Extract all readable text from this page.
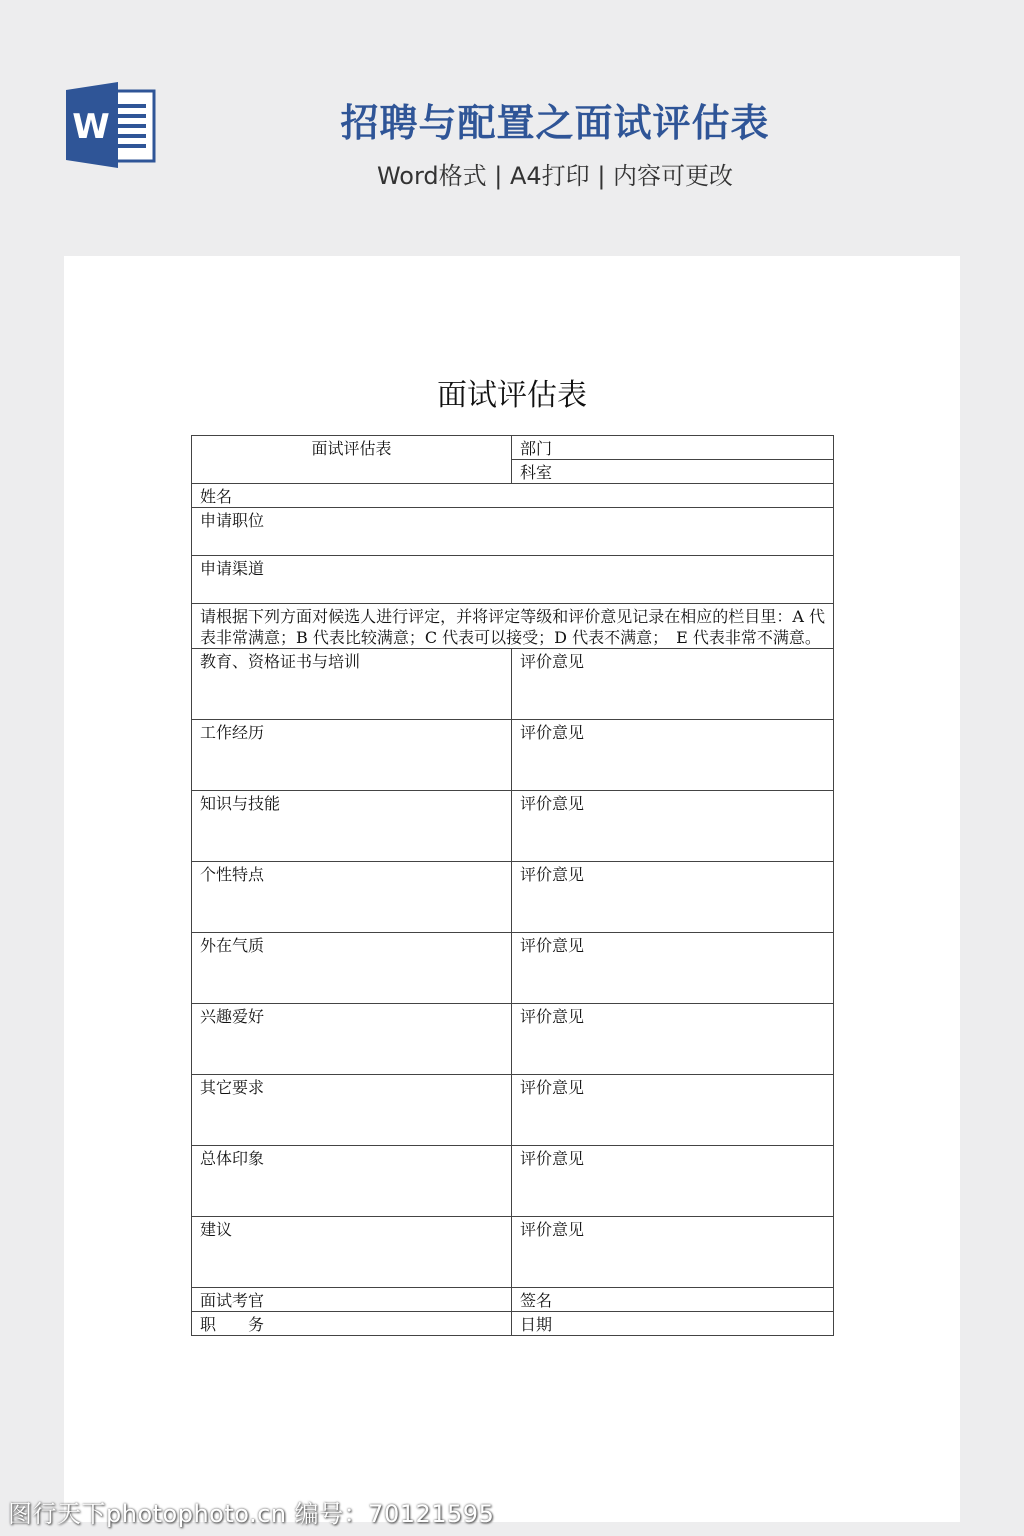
W	招聘与配置之面试评估表
Word格式 | A4打印 | 内容可更改
面试评估表
面试评估表	部门
	科室
姓名	
申请职位	
申请渠道	
请根据下列方面对候选人进行评定，并将评定等级和评价意见记录在相应的栏目里：A 代表非常满意；B 代表比较满意；C 代表可以接受；D 代表不满意；　E 代表非常不满意。	
教育、资格证书与培训	评价意见
工作经历	评价意见
知识与技能	评价意见
个性特点	评价意见
外在气质	评价意见
兴趣爱好	评价意见
其它要求	评价意见
总体印象	评价意见
建议	评价意见
面试考官	签名
职　　务	日期
图行天下photophoto.cn 编号：70121595
